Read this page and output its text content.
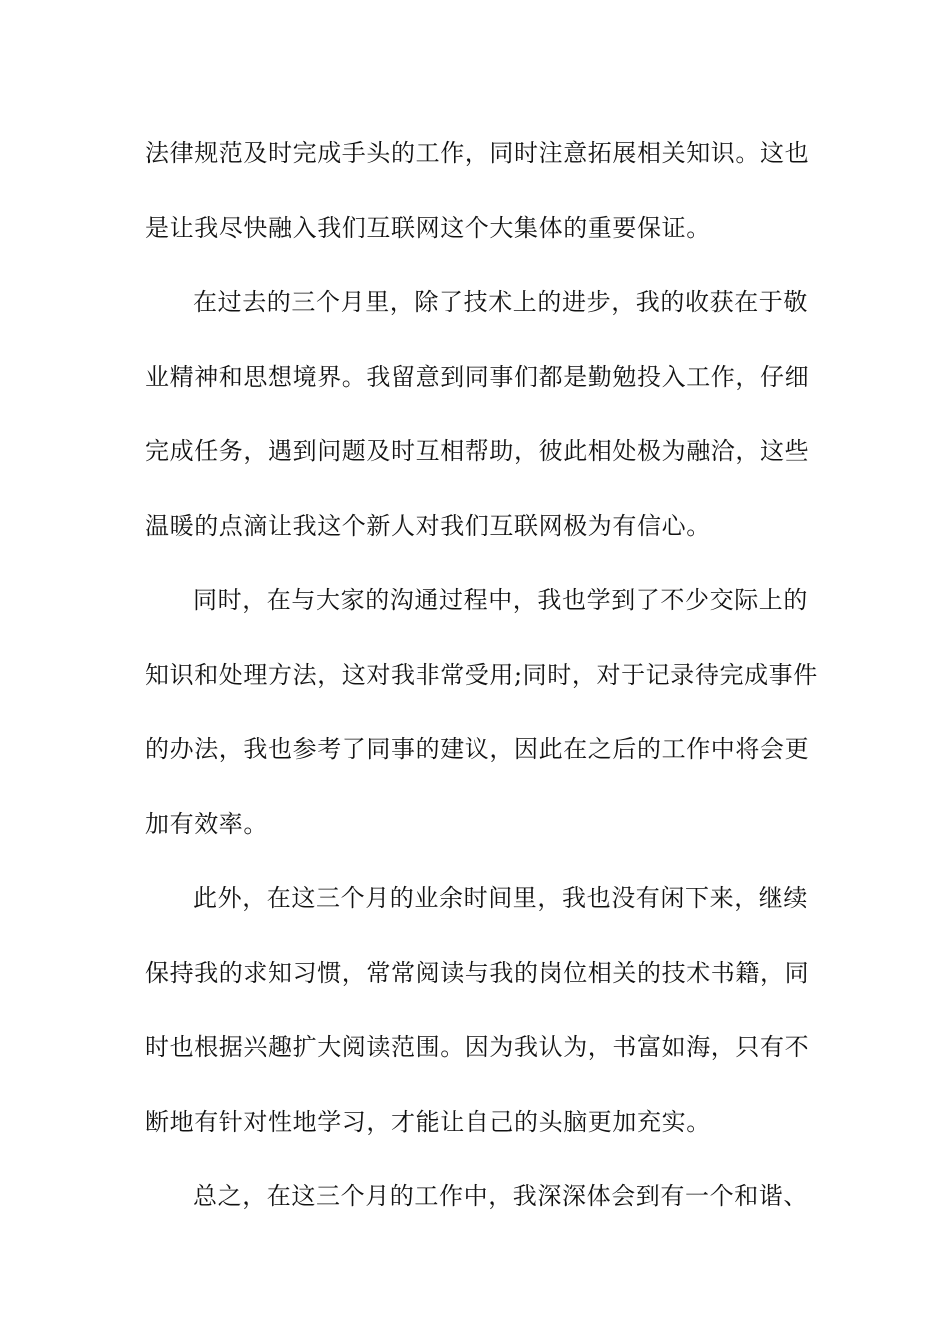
法律规范及时完成手头的工作，同时注意拓展相关知识。这也
是让我尽快融入我们互联网这个大集体的重要保证。
在过去的三个月里，除了技术上的进步，我的收获在于敬
业精神和思想境界。我留意到同事们都是勤勉投入工作，仔细
完成任务，遇到问题及时互相帮助，彼此相处极为融洽，这些
温暖的点滴让我这个新人对我们互联网极为有信心。
同时，在与大家的沟通过程中，我也学到了不少交际上的
知识和处理方法，这对我非常受用;同时，对于记录待完成事件
的办法，我也参考了同事的建议，因此在之后的工作中将会更
加有效率。
此外，在这三个月的业余时间里，我也没有闲下来，继续
保持我的求知习惯，常常阅读与我的岗位相关的技术书籍，同
时也根据兴趣扩大阅读范围。因为我认为，书富如海，只有不
断地有针对性地学习，才能让自己的头脑更加充实。
总之，在这三个月的工作中，我深深体会到有一个和谐、
